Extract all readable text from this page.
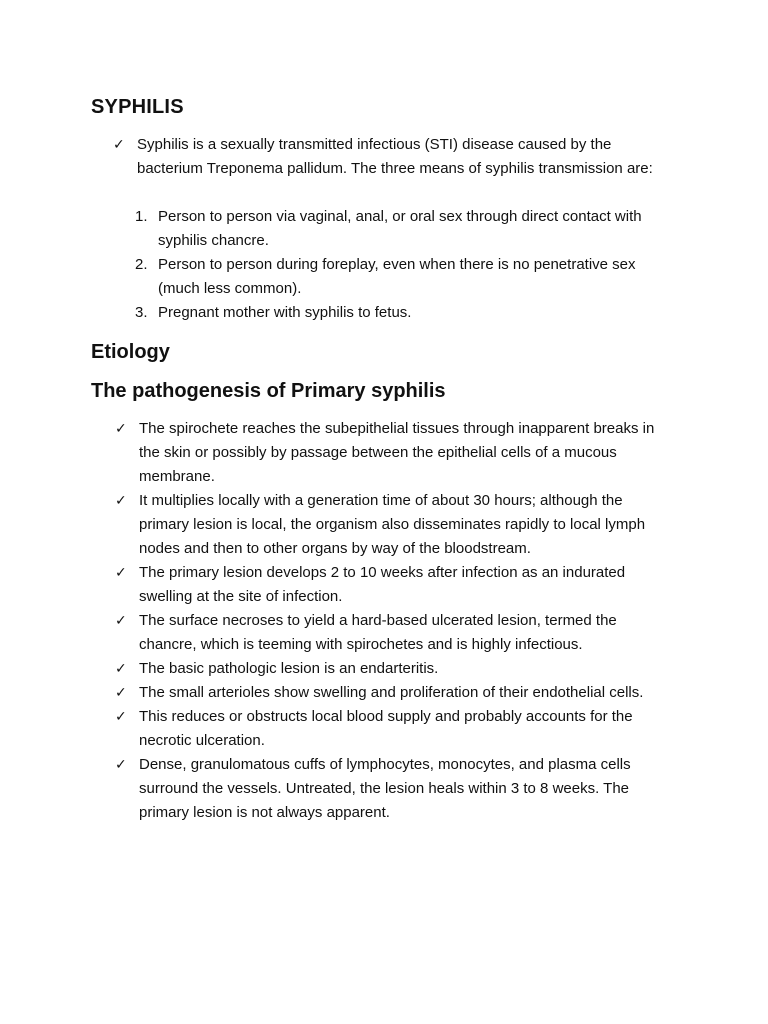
SYPHILIS
✓ Syphilis is a sexually transmitted infectious (STI) disease caused by the bacterium Treponema pallidum. The three means of syphilis transmission are:
1. Person to person via vaginal, anal, or oral sex through direct contact with syphilis chancre.
2. Person to person during foreplay, even when there is no penetrative sex (much less common).
3. Pregnant mother with syphilis to fetus.
Etiology
The pathogenesis of Primary syphilis
✓ The spirochete reaches the subepithelial tissues through inapparent breaks in the skin or possibly by passage between the epithelial cells of a mucous membrane.
✓ It multiplies locally with a generation time of about 30 hours; although the primary lesion is local, the organism also disseminates rapidly to local lymph nodes and then to other organs by way of the bloodstream.
✓ The primary lesion develops 2 to 10 weeks after infection as an indurated swelling at the site of infection.
✓ The surface necroses to yield a hard-based ulcerated lesion, termed the chancre, which is teeming with spirochetes and is highly infectious.
✓ The basic pathologic lesion is an endarteritis.
✓ The small arterioles show swelling and proliferation of their endothelial cells.
✓ This reduces or obstructs local blood supply and probably accounts for the necrotic ulceration.
✓ Dense, granulomatous cuffs of lymphocytes, monocytes, and plasma cells surround the vessels. Untreated, the lesion heals within 3 to 8 weeks. The primary lesion is not always apparent.
